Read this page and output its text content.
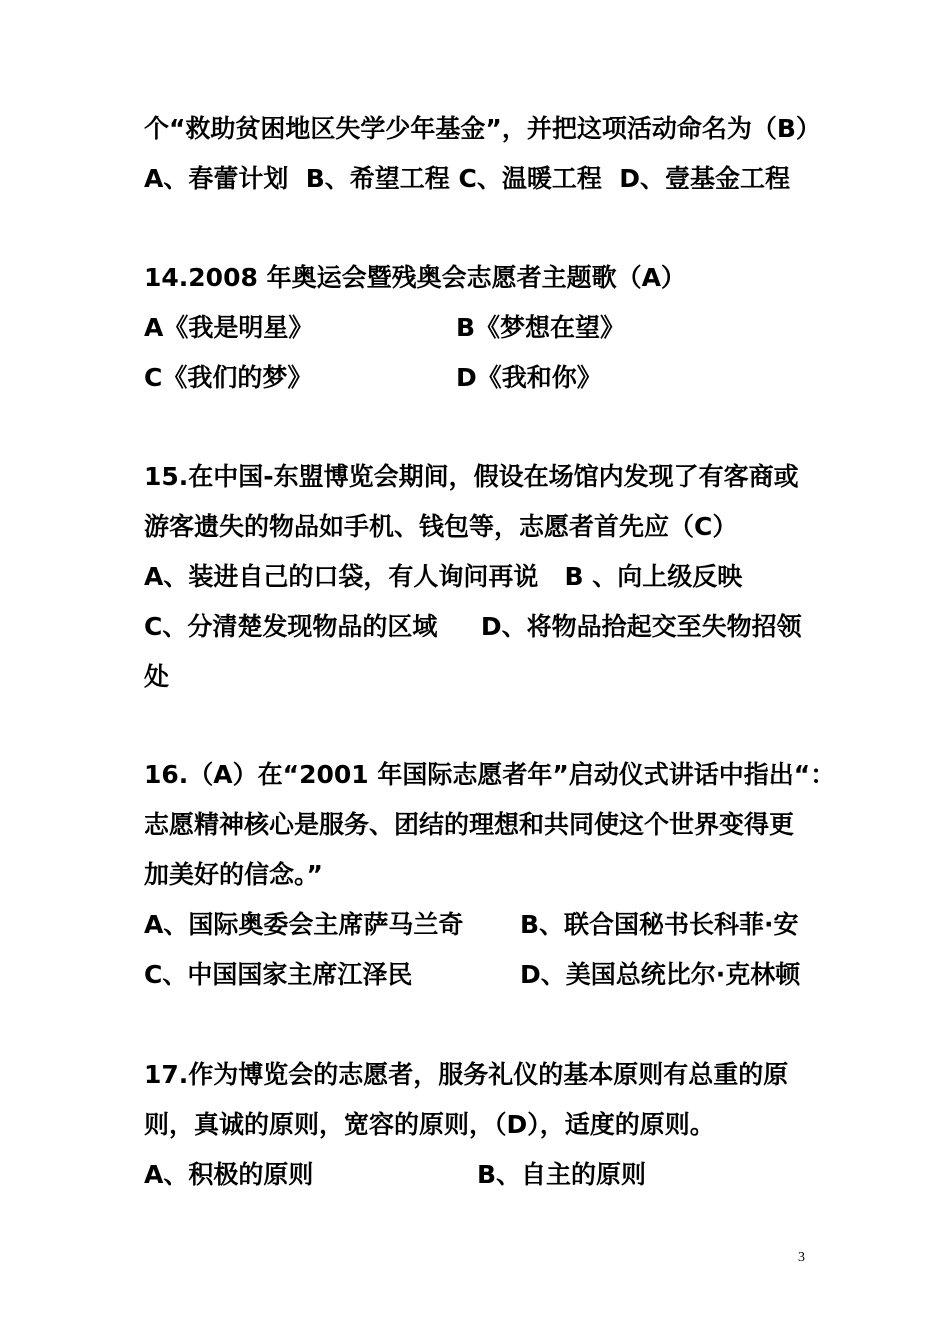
个“救助贫困地区失学少年基金”，并把这项活动命名为（B）
A、春蕾计划  B、希望工程 C、温暖工程  D、壹基金工程
14.2008 年奥运会暨残奥会志愿者主题歌（A）
A《我是明星》	B《梦想在望》
C《我们的梦》	D《我和你》
15.在中国-东盟博览会期间，假设在场馆内发现了有客商或
游客遗失的物品如手机、钱包等，志愿者首先应（C）
A、装进自己的口袋，有人询问再说   B 、向上级反映
C、分清楚发现物品的区域     D、将物品拾起交至失物招领
处
16.（A）在“2001 年国际志愿者年”启动仪式讲话中指出“：
志愿精神核心是服务、团结的理想和共同使这个世界变得更
加美好的信念。”
A、国际奥委会主席萨马兰奇 B、联合国秘书长科菲·安
C、中国国家主席江泽民	D、美国总统比尔·克林顿
17.作为博览会的志愿者，服务礼仪的基本原则有总重的原
则，真诚的原则，宽容的原则，（D），适度的原则。
A、积极的原则	B、自主的原则
3
